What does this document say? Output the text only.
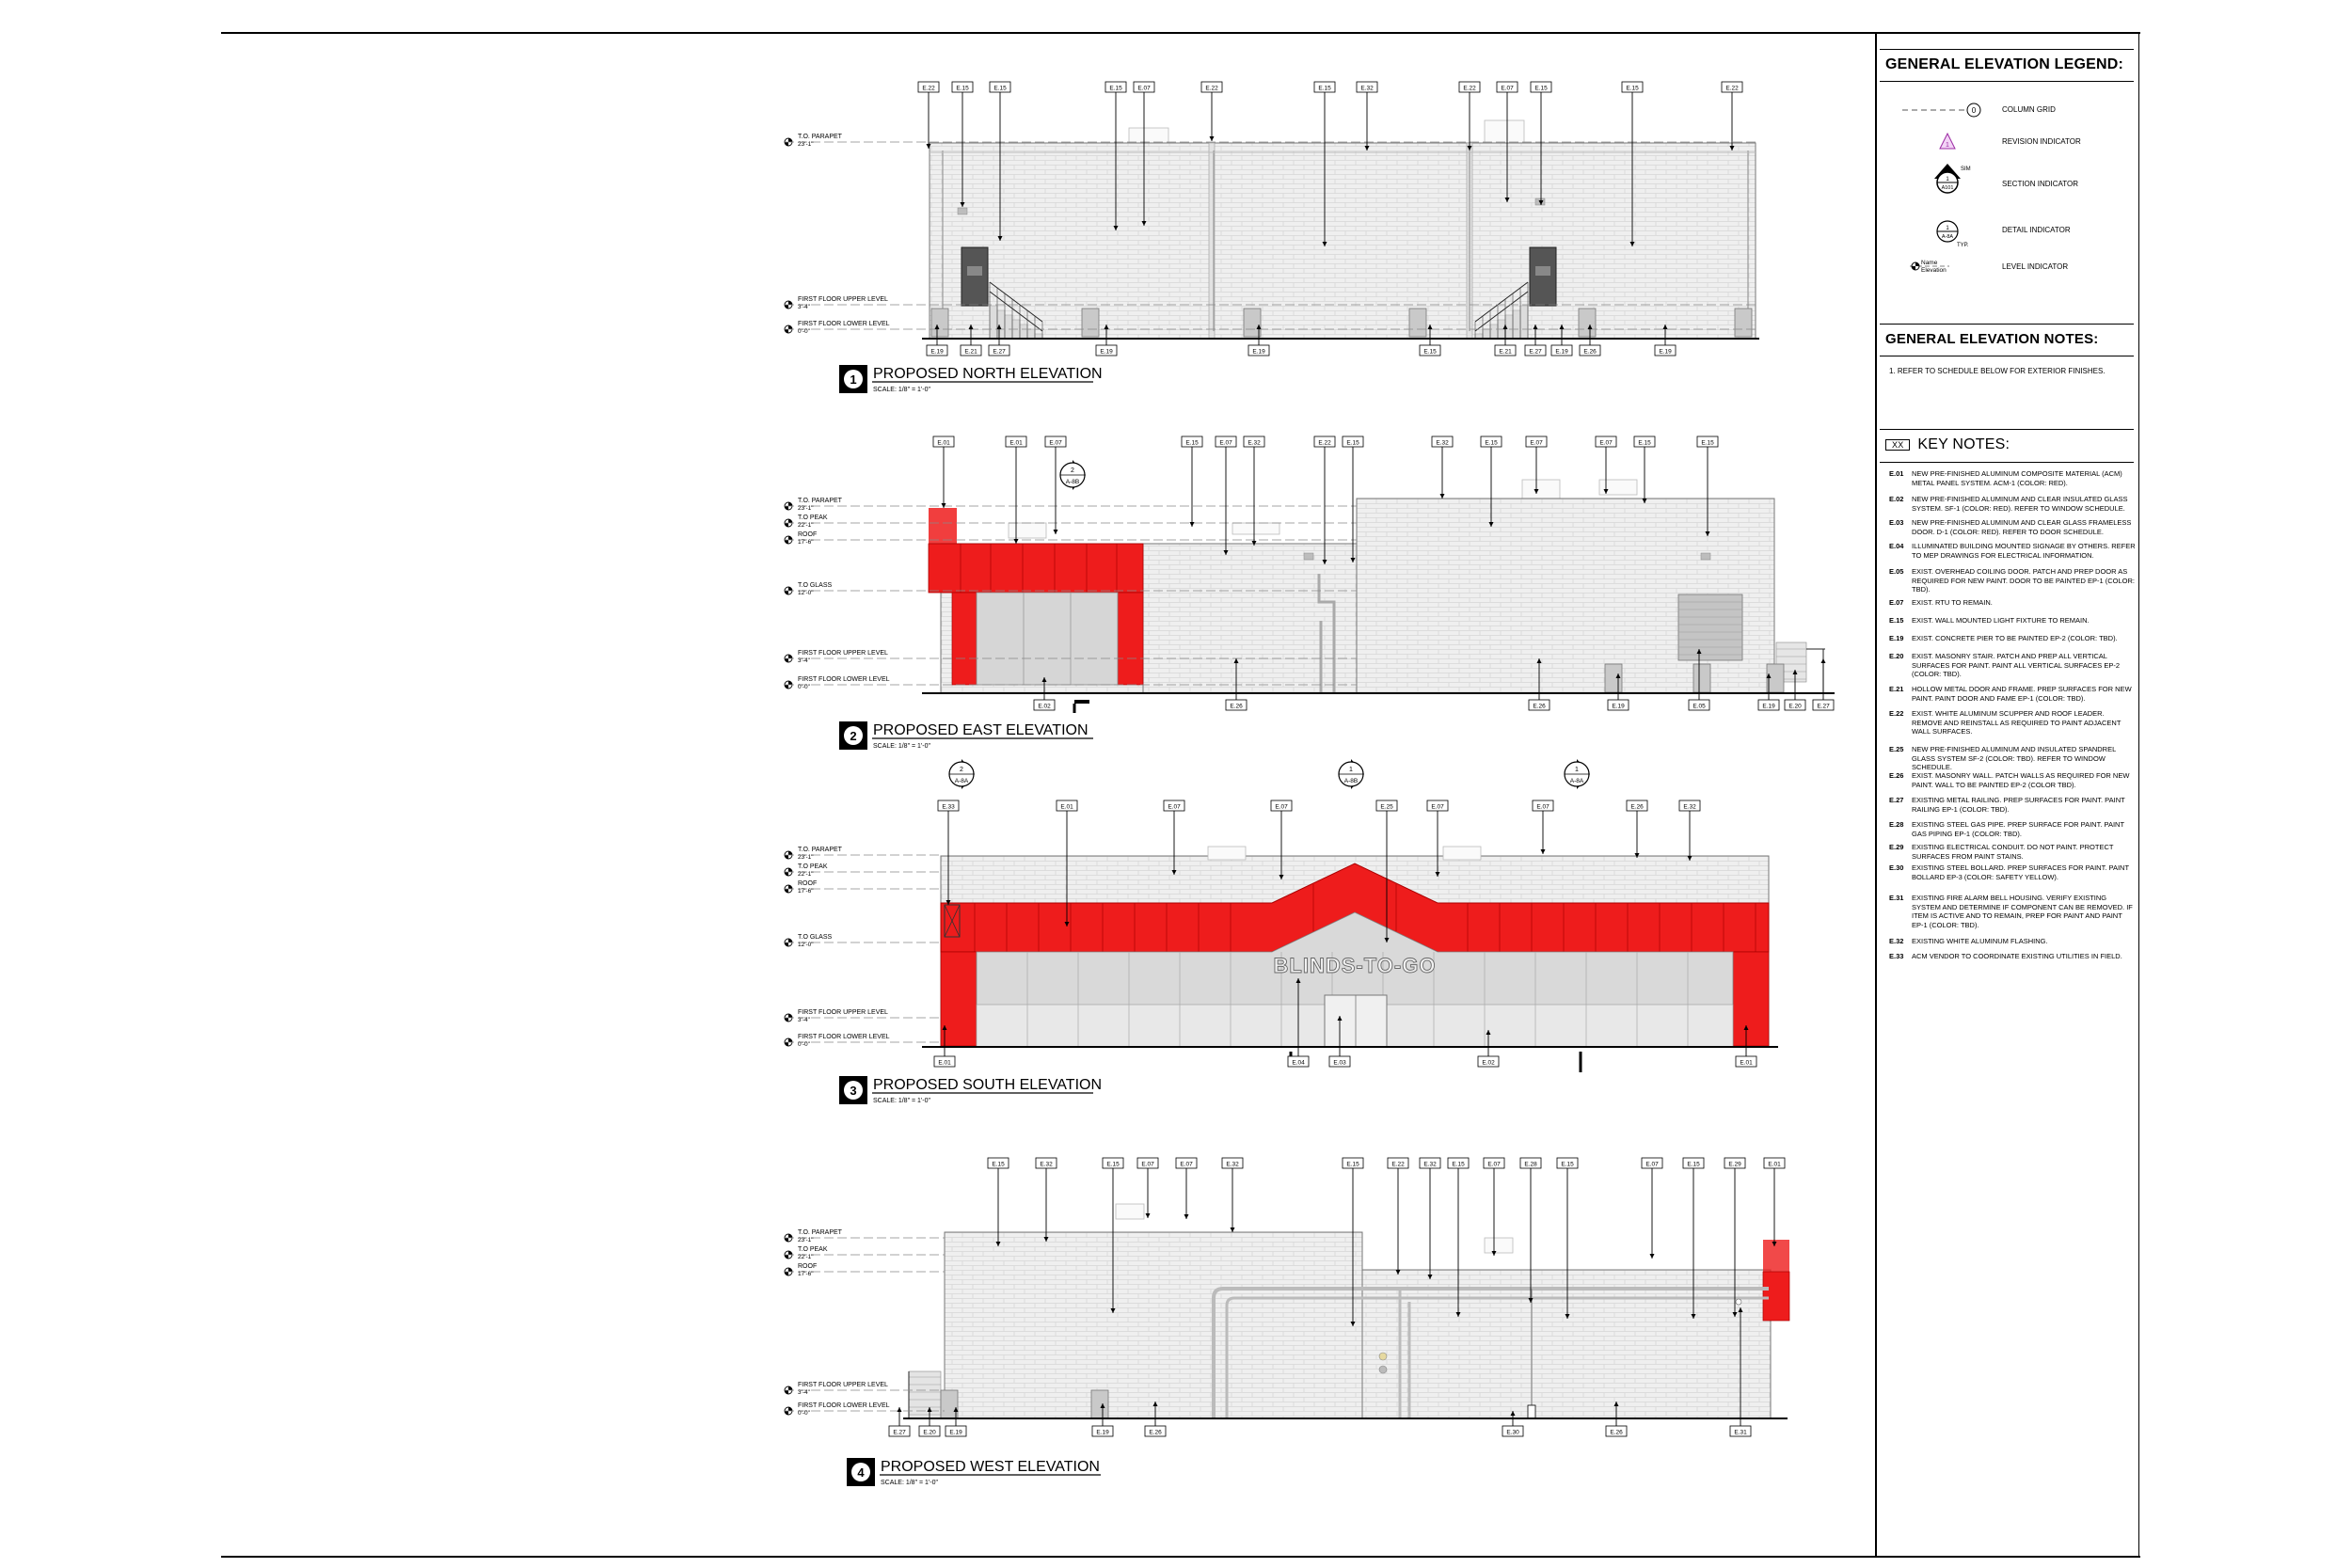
T.O. PARAPET
23'-1"
FIRST FLOOR UPPER LEVEL
3'-4"
FIRST FLOOR LOWER LEVEL
0'-0"
E.22	E.15	E.15	E.15	E.07	E.22	E.15	E.32	E.22	E.07	E.15	E.15	E.22
E.19	E.21	E.27	E.19	E.19	E.15	E.21	E.27 E.19	E.26	E.19
1 PROPOSED NORTH ELEVATION
SCALE: 1/8" = 1'-0"
T.O. PARAPET
23'-1"
T.O PEAK
22'-1"
ROOF
17'-6"
T.O GLASS
12'-0"
FIRST FLOOR UPPER LEVEL
3'-4"
FIRST FLOOR LOWER LEVEL
0'-0"
2
A-8B
E.01	E.01	E.07	E.15	E.07	E.32	E.22	E.15	E.32	E.15	E.07	E.07	E.15	E.15
E.02	E.26	E.26	E.19	E.05	E.19 E.20	E.27
2 PROPOSED EAST ELEVATION
SCALE: 1/8" = 1'-0"
BLINDS-TO-GO
T.O. PARAPET
23'-1"
T.O PEAK
22'-1"
ROOF
17'-6"
T.O GLASS
12'-0"
FIRST FLOOR UPPER LEVEL
3'-4"
FIRST FLOOR LOWER LEVEL
0'-0"
2
A-8A
1
A-8B
1
A-8A
E.33	E.01	E.07	E.07	E.25	E.07	E.07	E.26	E.32
E.01	E.04	E.03	E.02	E.01
3 PROPOSED SOUTH ELEVATION
SCALE: 1/8" = 1'-0"
T.O. PARAPET
23'-1"
T.O PEAK
22'-1"
ROOF
17'-6"
FIRST FLOOR UPPER LEVEL
3'-4"
FIRST FLOOR LOWER LEVEL
0'-0"
E.15	E.32	E.15	E.07	E.07	E.32	E.15	E.22	E.32	E.15	E.07	E.28	E.15	E.07	E.15	E.29	E.01
E.27	E.20 E.19	E.19	E.26	E.30	E.26	E.31
4 PROPOSED WEST ELEVATION
SCALE: 1/8" = 1'-0"
GENERAL ELEVATION LEGEND:
0	COLUMN GRID
1	REVISION INDICATOR
1
A101
SIM
SECTION INDICATOR
1
A-8A
TYP.
DETAIL INDICATOR
Name
Elevation	LEVEL INDICATOR
GENERAL ELEVATION NOTES:
1. REFER TO SCHEDULE BELOW FOR EXTERIOR FINISHES.
XX KEY NOTES:
E.01	NEW PRE-FINISHED ALUMINUM COMPOSITE MATERIAL (ACM) METAL PANEL SYSTEM. ACM-1 (COLOR: RED).
E.02	NEW PRE-FINISHED ALUMINUM AND CLEAR INSULATED GLASS SYSTEM. SF-1 (COLOR: RED). REFER TO WINDOW SCHEDULE.
E.03	NEW PRE-FINISHED ALUMINUM AND CLEAR GLASS FRAMELESS DOOR. D-1 (COLOR: RED). REFER TO DOOR SCHEDULE.
E.04	ILLUMINATED BUILDING MOUNTED SIGNAGE BY OTHERS. REFER TO MEP DRAWINGS FOR ELECTRICAL INFORMATION.
E.05	EXIST. OVERHEAD COILING DOOR. PATCH AND PREP DOOR AS REQUIRED FOR NEW PAINT. DOOR TO BE PAINTED EP-1 (COLOR: TBD).
E.07	EXIST. RTU TO REMAIN.
E.15	EXIST. WALL MOUNTED LIGHT FIXTURE TO REMAIN.
E.19	EXIST. CONCRETE PIER TO BE PAINTED EP-2 (COLOR: TBD).
E.20	EXIST. MASONRY STAIR. PATCH AND PREP ALL VERTICAL SURFACES FOR PAINT. PAINT ALL VERTICAL SURFACES EP-2 (COLOR: TBD).
E.21	HOLLOW METAL DOOR AND FRAME. PREP SURFACES FOR NEW PAINT. PAINT DOOR AND FAME EP-1 (COLOR: TBD).
E.22	EXIST. WHITE ALUMINUM SCUPPER AND ROOF LEADER. REMOVE AND REINSTALL AS REQUIRED TO PAINT ADJACENT WALL SURFACES.
E.25	NEW PRE-FINISHED ALUMINUM AND INSULATED SPANDREL GLASS SYSTEM SF-2 (COLOR: TBD). REFER TO WINDOW SCHEDULE.
E.26	EXIST. MASONRY WALL. PATCH WALLS AS REQUIRED FOR NEW PAINT. WALL TO BE PAINTED EP-2 (COLOR TBD).
E.27	EXISTING METAL RAILING. PREP SURFACES FOR PAINT. PAINT RAILING EP-1 (COLOR: TBD).
E.28	EXISTING STEEL GAS PIPE. PREP SURFACE FOR PAINT. PAINT GAS PIPING EP-1 (COLOR: TBD).
E.29	EXISTING ELECTRICAL CONDUIT. DO NOT PAINT. PROTECT SURFACES FROM PAINT STAINS.
E.30	EXISTING STEEL BOLLARD. PREP SURFACES FOR PAINT. PAINT BOLLARD EP-3 (COLOR: SAFETY YELLOW).
E.31	EXISTING FIRE ALARM BELL HOUSING. VERIFY EXISTING SYSTEM AND DETERMINE IF COMPONENT CAN BE REMOVED. IF ITEM IS ACTIVE AND TO REMAIN, PREP FOR PAINT AND PAINT EP-1 (COLOR: TBD).
E.32	EXISTING WHITE ALUMINUM FLASHING.
E.33	ACM VENDOR TO COORDINATE EXISTING UTILITIES IN FIELD.
